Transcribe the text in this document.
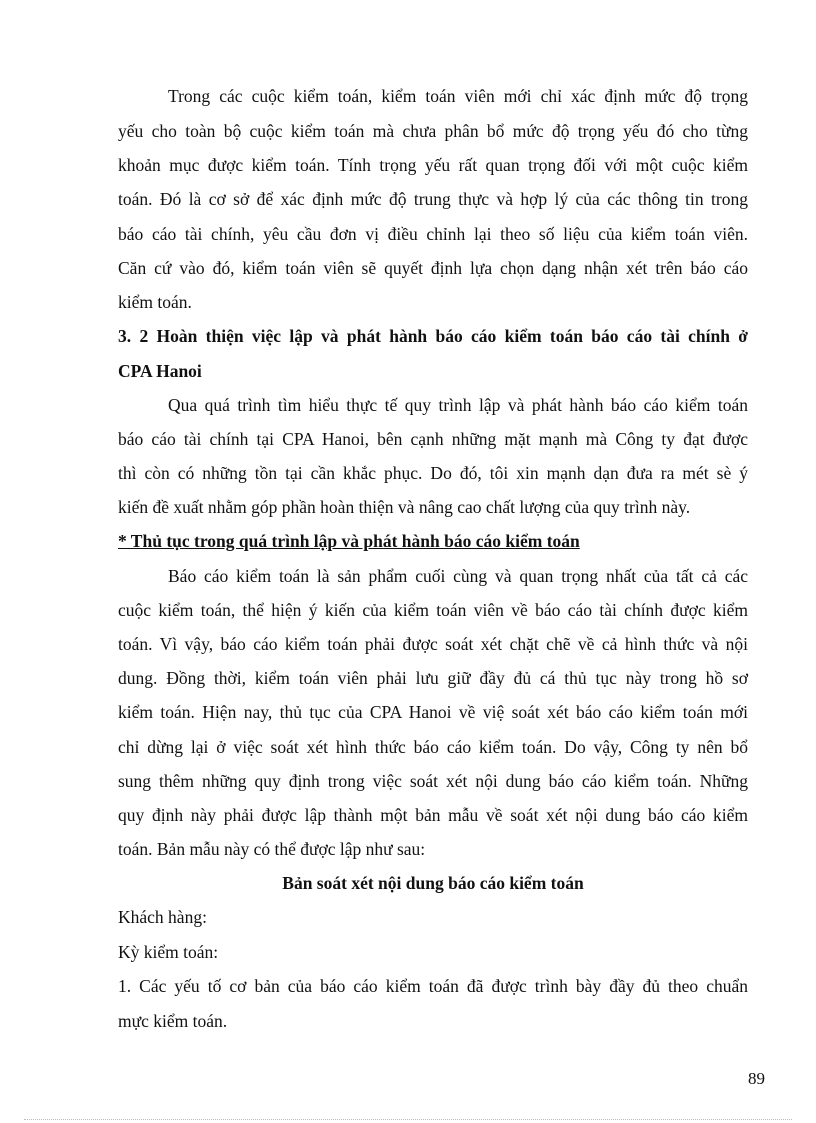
Trong các cuộc kiểm toán, kiểm toán viên mới chỉ xác định mức độ trọng
yếu cho toàn bộ cuộc kiểm toán mà chưa phân bổ mức độ trọng yếu đó cho từng
khoản mục được kiểm toán. Tính trọng yếu rất quan trọng đối với một cuộc kiểm
toán. Đó là cơ sở để xác định mức độ trung thực và hợp lý của các thông tin trong
báo cáo tài chính, yêu cầu đơn vị điều chỉnh lại theo số liệu của kiểm toán viên.
Căn cứ vào đó, kiểm toán viên sẽ quyết định lựa chọn dạng nhận xét trên báo cáo
kiểm toán.
3. 2 Hoàn thiện việc lập và phát hành báo cáo kiểm toán báo cáo tài chính ở
CPA Hanoi
Qua quá trình tìm hiểu thực tế quy trình lập và phát hành báo cáo kiểm toán
báo cáo tài chính tại CPA Hanoi, bên cạnh những mặt mạnh mà Công ty đạt được
thì còn có những tồn tại cần khắc phục. Do đó, tôi xin mạnh dạn đưa ra mét sè ý
kiến đề xuất nhằm góp phần hoàn thiện và nâng cao chất lượng của quy trình này.
* Thủ tục trong quá trình lập và phát hành báo cáo kiểm toán
Báo cáo kiểm toán là sản phẩm cuối cùng và quan trọng nhất của tất cả các
cuộc kiểm toán, thể hiện ý kiến của kiểm toán viên về báo cáo tài chính được kiểm
toán. Vì vậy, báo cáo kiểm toán phải được soát xét chặt chẽ về cả hình thức và nội
dung. Đồng thời, kiểm toán viên phải lưu giữ đầy đủ cá thủ tục này trong hồ sơ
kiểm toán. Hiện nay, thủ tục của CPA Hanoi về việ soát xét báo cáo kiểm toán mới
chỉ dừng lại ở việc soát xét hình thức báo cáo kiểm toán. Do vậy, Công ty nên bổ
sung thêm những quy định trong việc soát xét nội dung báo cáo kiểm toán. Những
quy định này phải được lập thành một bản mẫu về soát xét nội dung báo cáo kiểm
toán. Bản mẫu này có thể được lập như sau:
Bản soát xét nội dung báo cáo kiểm toán
Khách hàng:
Kỳ kiểm toán:
1. Các yếu tố cơ bản của báo cáo kiểm toán đã được trình bày đầy đủ theo chuẩn
mực kiểm toán.
89
